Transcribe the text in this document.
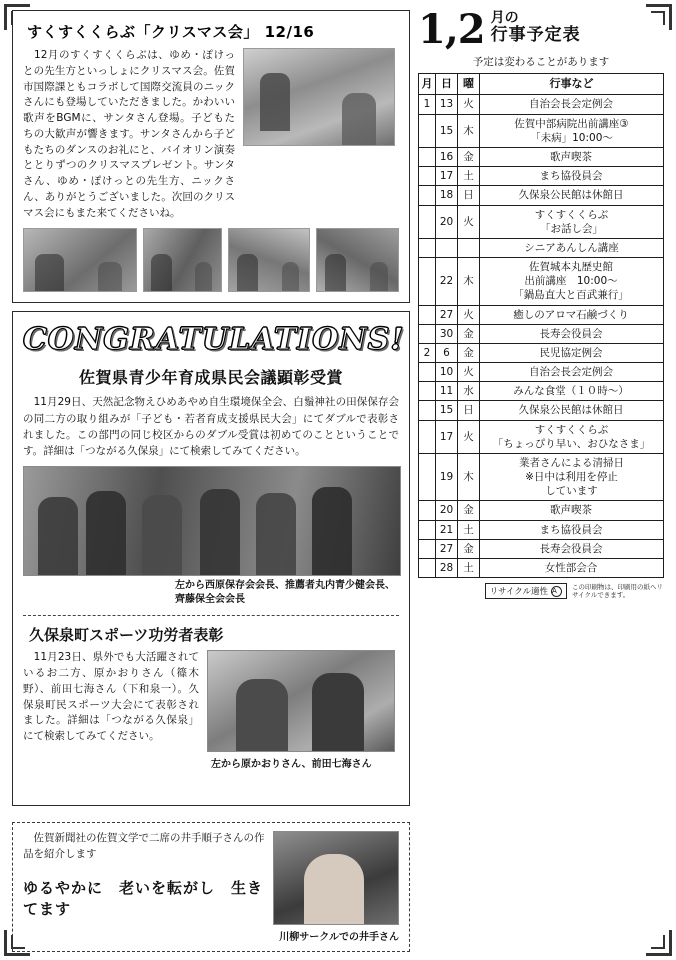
すくすくくらぶ「クリスマス会」 12/16
　12月のすくすくくらぶは、ゆめ・ぽけっとの先生方といっしょにクリスマス会。佐賀市国際課ともコラボして国際交流員のニックさんにも登場していただきました。かわいい歌声をBGMに、サンタさん登場。子どもたちの大歓声が響きます。サンタさんから子どもたちのダンスのお礼にと、バイオリン演奏ととりずつのクリスマスプレゼント。サンタさん、ゆめ・ぽけっとの先生方、ニックさん、ありがとうございました。次回のクリスマス会にもまた来てくださいね。
CONGRATULATIONS!
佐賀県青少年育成県民会議顕彰受賞
　11月29日、天然記念物えひめあやめ自生環境保全会、白鬚神社の田保保存会の同二方の取り組みが「子ども・若者育成支援県民大会」にてダブルで表彰されました。この部門の同じ校区からのダブル受賞は初めてのことということです。詳細は「つながる久保泉」にて検索してみてください。
左から西原保存会会長、推薦者丸内青少健会長、齊藤保全会会長
久保泉町スポーツ功労者表彰
　11月23日、県外でも大活躍されているお二方、原かおりさん（篠木野）、前田七海さん（下和泉一）。久保泉町民スポーツ大会にて表彰されました。詳細は「つながる久保泉」にて検索してみてください。
左から原かおりさん、前田七海さん
　佐賀新聞社の佐賀文学で二席の井手順子さんの作品を紹介します
ゆるやかに　老いを転がし　生きてます
川柳サークルでの井手さん
1,2 月の
行事予定表
予定は変わることがあります
月	日	曜	行事など
1	13	火	自治会長会定例会
	15	木	佐賀中部病院出前講座③
「未病」10:00〜
	16	金	歌声喫茶
	17	土	まち協役員会
	18	日	久保泉公民館は休館日
	20	火	すくすくくらぶ
「お話し会」
			シニアあんしん講座
	22	木	佐賀城本丸歴史館
出前講座　10:00〜
「鍋島直大と百武兼行」
	27	火	癒しのアロマ石鹸づくり
	30	金	長寿会役員会
2	6	金	民児協定例会
	10	火	自治会長会定例会
	11	水	みんな食堂（１０時〜）
	15	日	久保泉公民館は休館日
	17	火	すくすくくらぶ
「ちょっぴり早い、おひなさま」
	19	木	業者さんによる清掃日
※日中は利用を停止
しています
	20	金	歌声喫茶
	21	土	まち協役員会
	27	金	長寿会役員会
	28	土	女性部会合
リサイクル適性 A	この印刷物は、印刷用の紙へリサイクルできます。
